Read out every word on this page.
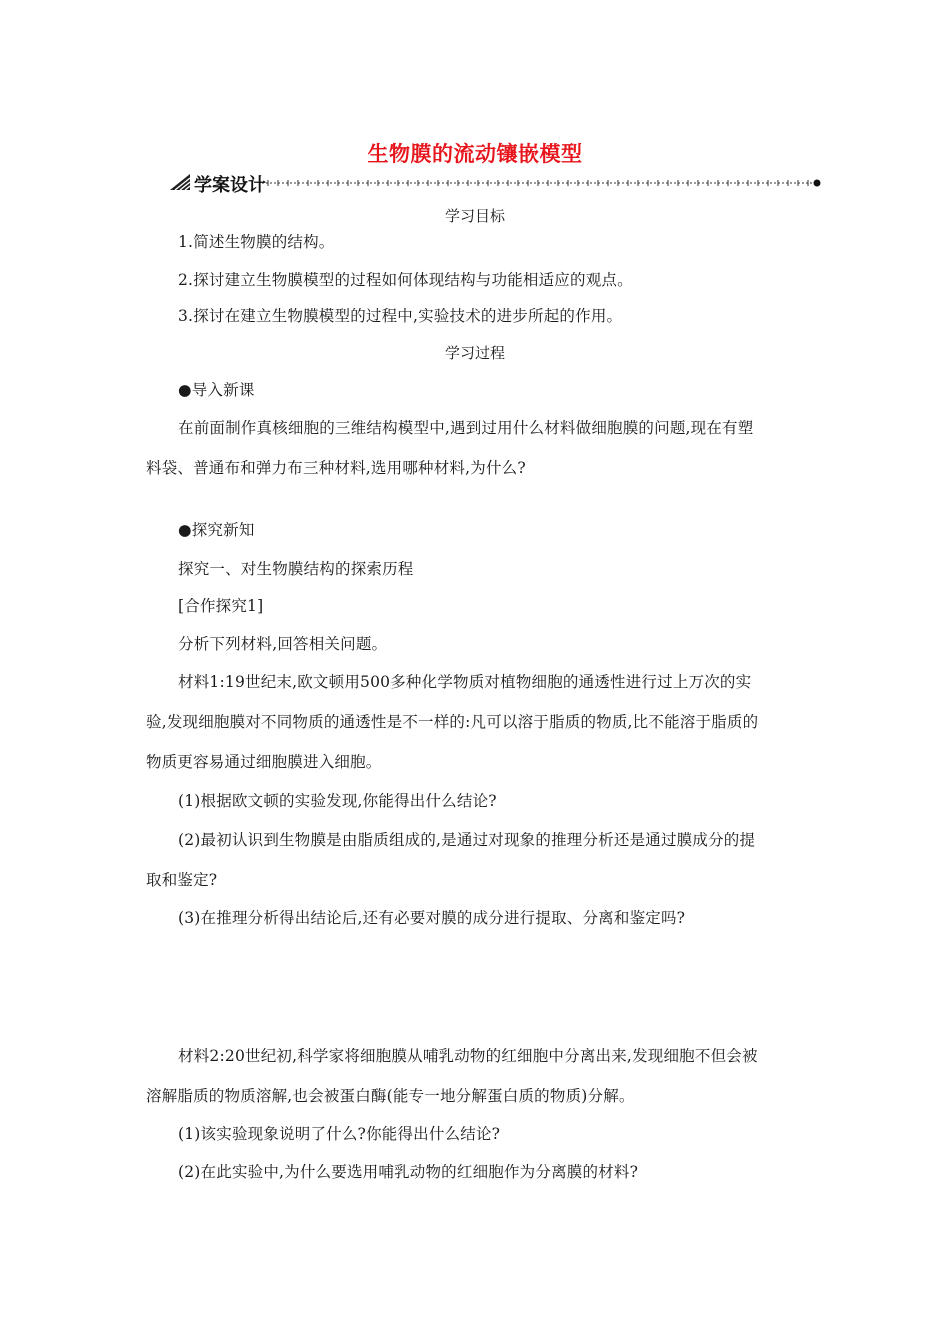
生物膜的流动镶嵌模型
学案设计
学习目标
1.简述生物膜的结构。
2.探讨建立生物膜模型的过程如何体现结构与功能相适应的观点。
3.探讨在建立生物膜模型的过程中,实验技术的进步所起的作用。
学习过程
●导入新课
在前面制作真核细胞的三维结构模型中,遇到过用什么材料做细胞膜的问题,现在有塑
料袋、普通布和弹力布三种材料,选用哪种材料,为什么?
●探究新知
探究一、对生物膜结构的探索历程
[合作探究1]
分析下列材料,回答相关问题。
材料1:19世纪末,欧文顿用500多种化学物质对植物细胞的通透性进行过上万次的实
验,发现细胞膜对不同物质的通透性是不一样的:凡可以溶于脂质的物质,比不能溶于脂质的
物质更容易通过细胞膜进入细胞。
(1)根据欧文顿的实验发现,你能得出什么结论?
(2)最初认识到生物膜是由脂质组成的,是通过对现象的推理分析还是通过膜成分的提
取和鉴定?
(3)在推理分析得出结论后,还有必要对膜的成分进行提取、分离和鉴定吗?
材料2:20世纪初,科学家将细胞膜从哺乳动物的红细胞中分离出来,发现细胞不但会被
溶解脂质的物质溶解,也会被蛋白酶(能专一地分解蛋白质的物质)分解。
(1)该实验现象说明了什么?你能得出什么结论?
(2)在此实验中,为什么要选用哺乳动物的红细胞作为分离膜的材料?
